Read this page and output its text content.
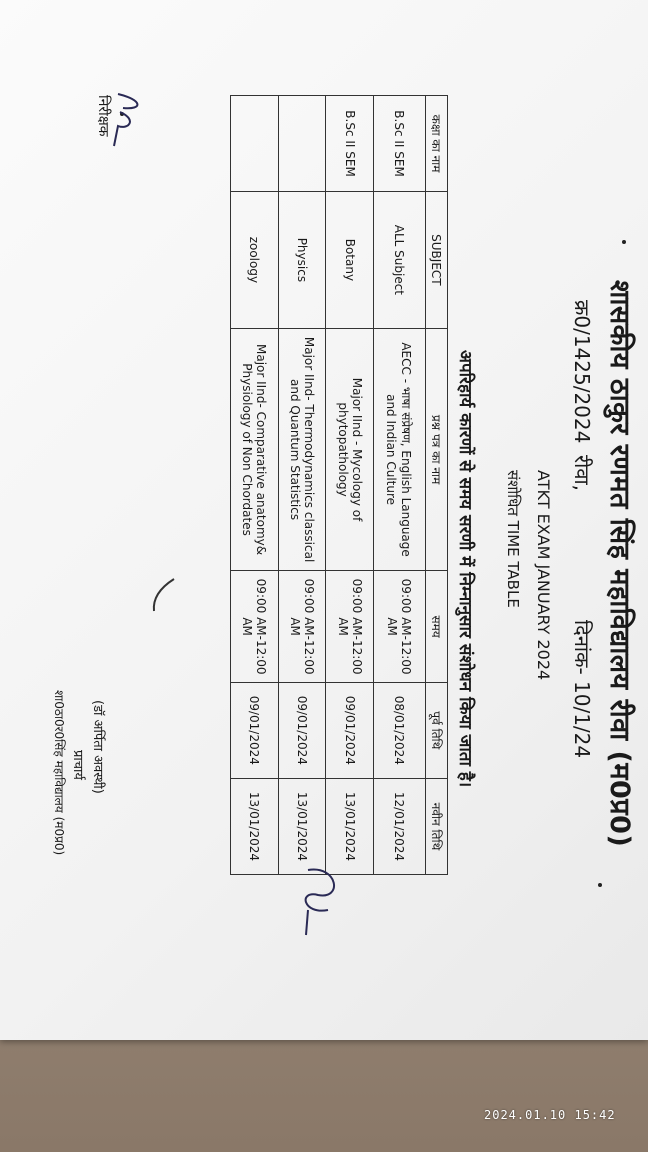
शासकीय ठाकुर रणमत सिंह महाविद्यालय रीवा (म0प्र0)
क्र0/1425/2024
रीवा,
दिनांक- 10/1/24
ATKT EXAM JANUARY 2024
संशोधित TIME TABLE
अपरिहार्य कारणों से समय सरणी में निम्नानुसार संशोधन किया जाता है।
कक्षा का नाम	SUBJECT	प्रश्न पत्र का नाम	समय	पूर्व तिथि	नवीन तिथि
B.Sc II SEM	ALL Subject	AECC - भाषा संप्रेषण, English Language and Indian Culture	09:00 AM-12:00 AM	08/01/2024	12/01/2024
B.Sc II SEM	Botany	Major IInd - Mycology of phytopathology	09:00 AM-12:00 AM	09/01/2024	13/01/2024
	Physics	Major IInd- Thermodynamics classical and Quantum Statistics	09:00 AM-12:00 AM	09/01/2024	13/01/2024
	zoology	Major IInd- Comparative anatomy& Physiology of Non Chordates	09:00 AM-12:00 AM	09/01/2024	13/01/2024
(डॉ अर्पिता अवस्थी)
प्राचार्य
शा0ठा0र0सिंह महाविद्यालय (म0प्र0)
निरीक्षक
2024.01.10 15:42
